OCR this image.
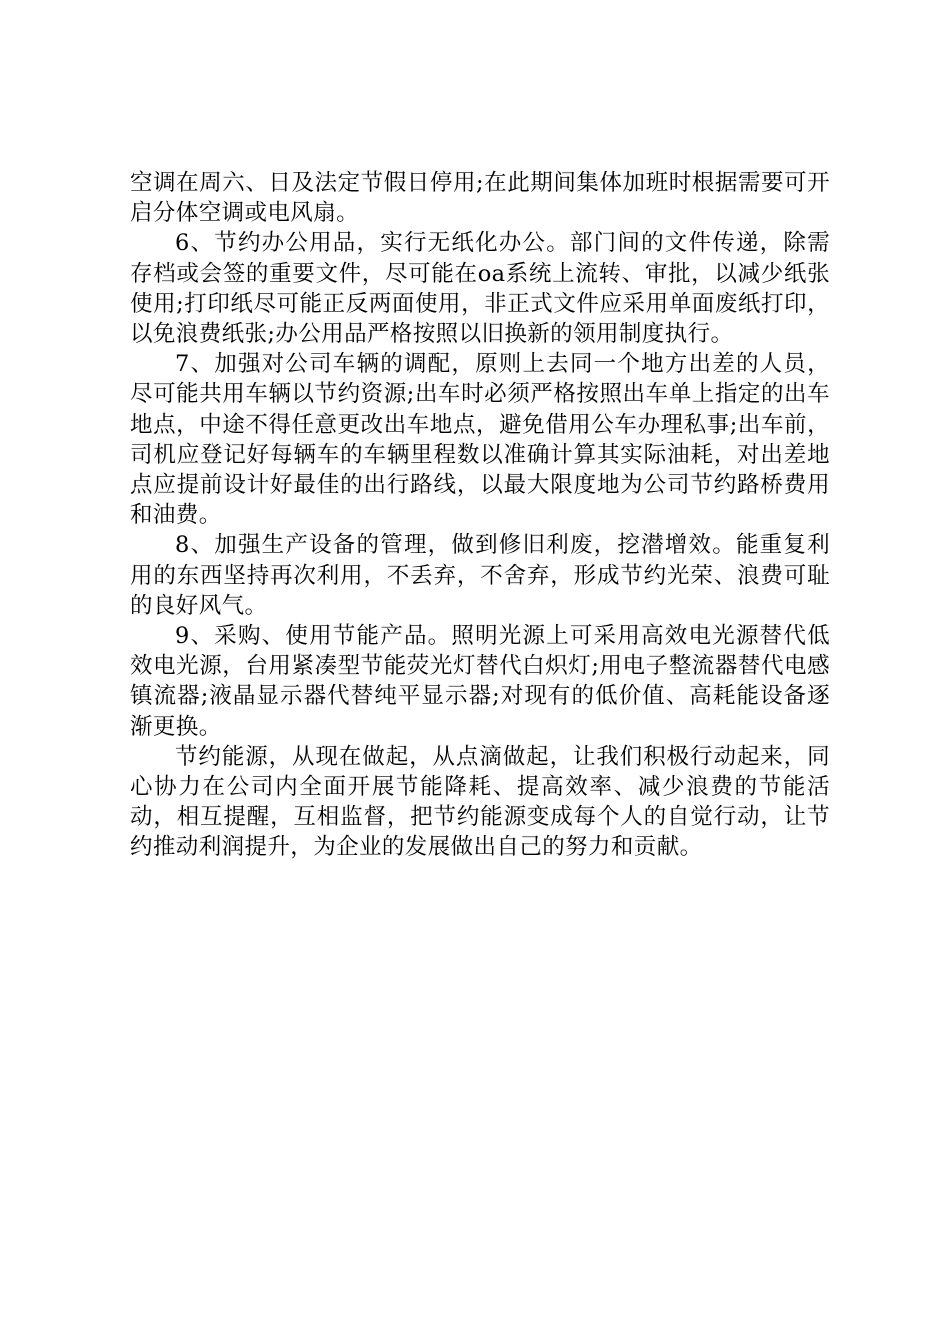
空调在周六、日及法定节假日停用;在此期间集体加班时根据需要可开启分体空调或电风扇。

6、节约办公用品，实行无纸化办公。部门间的文件传递，除需存档或会签的重要文件，尽可能在oa系统上流转、审批，以减少纸张使用;打印纸尽可能正反两面使用，非正式文件应采用单面废纸打印，以免浪费纸张;办公用品严格按照以旧换新的领用制度执行。

7、加强对公司车辆的调配，原则上去同一个地方出差的人员，尽可能共用车辆以节约资源;出车时必须严格按照出车单上指定的出车地点，中途不得任意更改出车地点，避免借用公车办理私事;出车前，司机应登记好每辆车的车辆里程数以准确计算其实际油耗，对出差地点应提前设计好最佳的出行路线，以最大限度地为公司节约路桥费用和油费。

8、加强生产设备的管理，做到修旧利废，挖潜增效。能重复利用的东西坚持再次利用，不丢弃，不舍弃，形成节约光荣、浪费可耻的良好风气。

9、采购、使用节能产品。照明光源上可采用高效电光源替代低效电光源，台用紧凑型节能荧光灯替代白炽灯;用电子整流器替代电感镇流器;液晶显示器代替纯平显示器;对现有的低价值、高耗能设备逐渐更换。

节约能源，从现在做起，从点滴做起，让我们积极行动起来，同心协力在公司内全面开展节能降耗、提高效率、减少浪费的节能活动，相互提醒，互相监督，把节约能源变成每个人的自觉行动，让节约推动利润提升，为企业的发展做出自己的努力和贡献。
